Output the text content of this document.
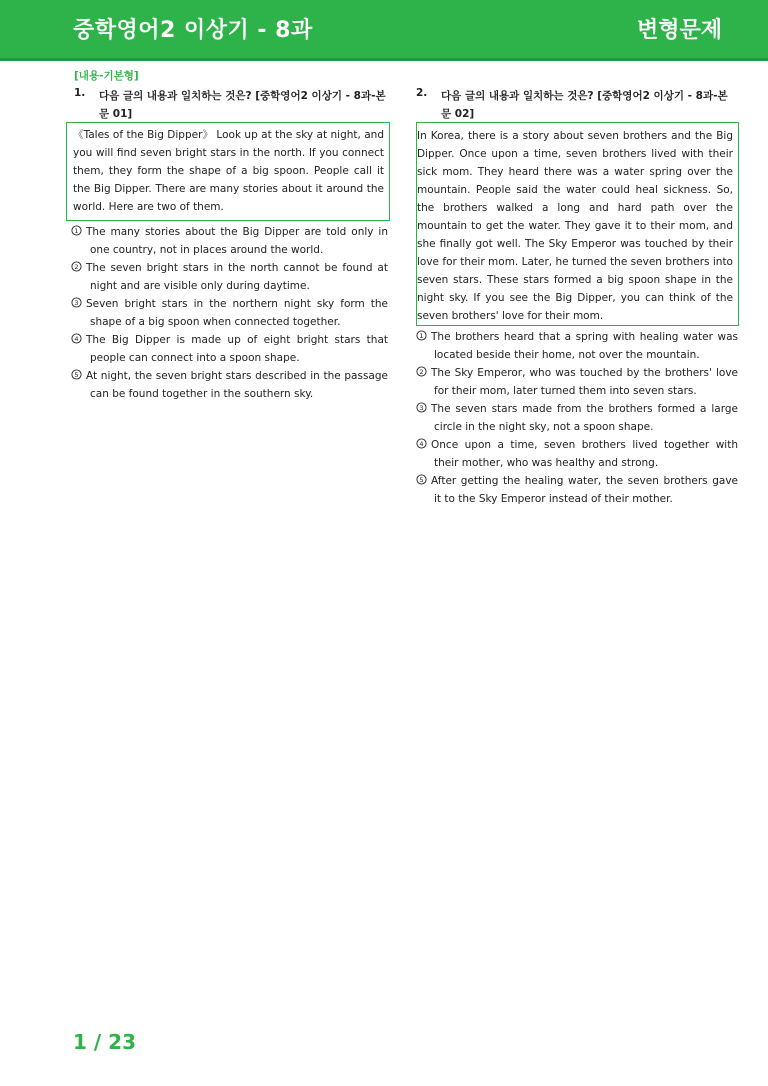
중학영어2 이상기 - 8과	변형문제
[내용-기본형]
1. 다음 글의 내용과 일치하는 것은? [중학영어2 이상기 - 8과-본문 01]
《Tales of the Big Dipper》 Look up at the sky at night, and you will find seven bright stars in the north. If you connect them, they form the shape of a big spoon. People call it the Big Dipper. There are many stories about it around the world. Here are two of them.
1 The many stories about the Big Dipper are told only in one country, not in places around the world.
2 The seven bright stars in the north cannot be found at night and are visible only during daytime.
3 Seven bright stars in the northern night sky form the shape of a big spoon when connected together.
4 The Big Dipper is made up of eight bright stars that people can connect into a spoon shape.
5 At night, the seven bright stars described in the passage can be found together in the southern sky.
2. 다음 글의 내용과 일치하는 것은? [중학영어2 이상기 - 8과-본문 02]
In Korea, there is a story about seven brothers and the Big Dipper. Once upon a time, seven brothers lived with their sick mom. They heard there was a water spring over the mountain. People said the water could heal sickness. So, the brothers walked a long and hard path over the mountain to get the water. They gave it to their mom, and she finally got well. The Sky Emperor was touched by their love for their mom. Later, he turned the seven brothers into seven stars. These stars formed a big spoon shape in the night sky. If you see the Big Dipper, you can think of the seven brothers' love for their mom.
1 The brothers heard that a spring with healing water was located beside their home, not over the mountain.
2 The Sky Emperor, who was touched by the brothers' love for their mom, later turned them into seven stars.
3 The seven stars made from the brothers formed a large circle in the night sky, not a spoon shape.
4 Once upon a time, seven brothers lived together with their mother, who was healthy and strong.
5 After getting the healing water, the seven brothers gave it to the Sky Emperor instead of their mother.
1 / 23
